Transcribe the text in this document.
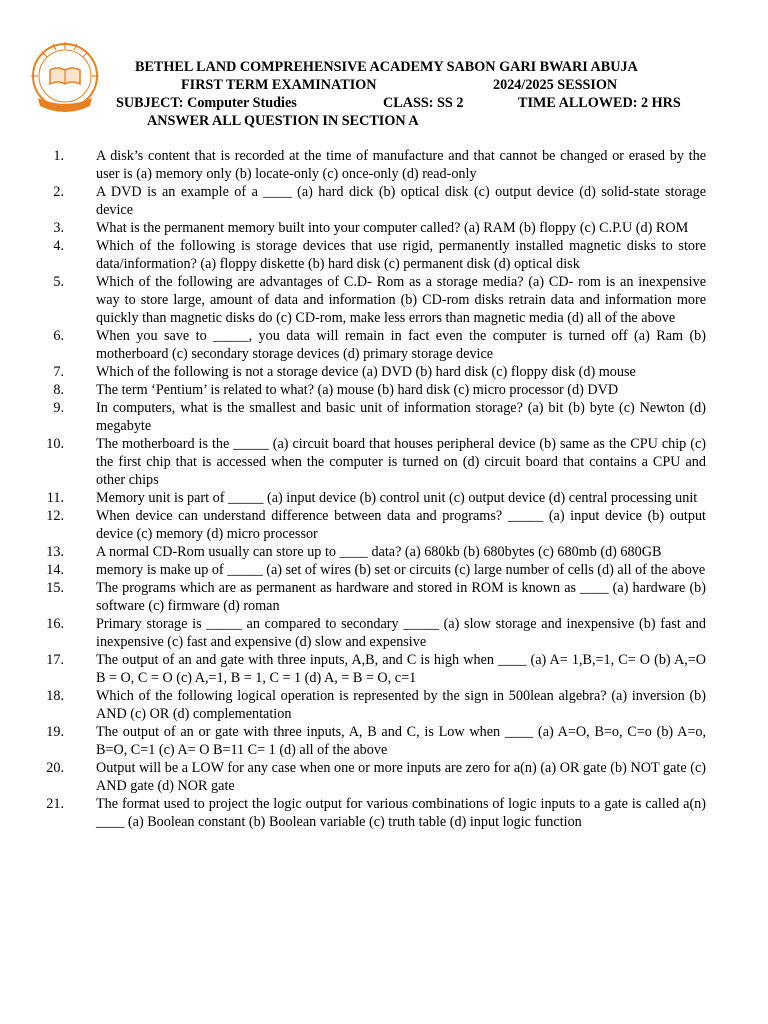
BETHEL LAND COMPREHENSIVE ACADEMY SABON GARI BWARI ABUJA
FIRST TERM EXAMINATION	2024/2025 SESSION
SUBJECT: Computer Studies	CLASS: SS 2	TIME ALLOWED: 2 HRS
ANSWER ALL QUESTION IN SECTION A
1. A disk’s content that is recorded at the time of manufacture and that cannot be changed or erased by the user is (a) memory only (b) locate-only (c) once-only (d) read-only
2. A DVD is an example of a ____ (a) hard dick (b) optical disk (c) output device (d) solid-state storage device
3. What is the permanent memory built into your computer called? (a) RAM (b) floppy (c) C.P.U (d) ROM
4. Which of the following is storage devices that use rigid, permanently installed magnetic disks to store data/information? (a) floppy diskette (b) hard disk (c) permanent disk (d) optical disk
5. Which of the following are advantages of C.D- Rom as a storage media? (a) CD- rom is an inexpensive way to store large, amount of data and information (b) CD-rom disks retrain data and information more quickly than magnetic disks do (c) CD-rom, make less errors than magnetic media (d) all of the above
6. When you save to _____, you data will remain in fact even the computer is turned off (a) Ram (b) motherboard (c) secondary storage devices (d) primary storage device
7. Which of the following is not a storage device (a) DVD (b) hard disk (c) floppy disk (d) mouse
8. The term ‘Pentium’ is related to what? (a) mouse (b) hard disk (c) micro processor (d) DVD
9. In computers, what is the smallest and basic unit of information storage? (a) bit (b) byte (c) Newton (d) megabyte
10. The motherboard is the _____ (a) circuit board that houses peripheral device (b) same as the CPU chip (c) the first chip that is accessed when the computer is turned on (d) circuit board that contains a CPU and other chips
11. Memory unit is part of _____ (a) input device (b) control unit (c) output device (d) central processing unit
12. When device can understand difference between data and programs? _____ (a) input device (b) output device (c) memory (d) micro processor
13. A normal CD-Rom usually can store up to ____ data? (a) 680kb (b) 680bytes (c) 680mb (d) 680GB
14. memory is make up of _____ (a) set of wires (b) set or circuits (c) large number of cells (d) all of the above
15. The programs which are as permanent as hardware and stored in ROM is known as ____ (a) hardware (b) software (c) firmware (d) roman
16. Primary storage is _____ an compared to secondary _____ (a) slow storage and inexpensive (b) fast and inexpensive (c) fast and expensive (d) slow and expensive
17. The output of an and gate with three inputs, A,B, and C is high when ____ (a) A= 1,B,=1, C= O (b) A,=O B = O, C = O (c) A,=1, B = 1, C = 1 (d) A, = B = O, c=1
18. Which of the following logical operation is represented by the sign in 500lean algebra? (a) inversion (b) AND (c) OR (d) complementation
19. The output of an or gate with three inputs, A, B and C, is Low when ____ (a) A=O, B=o, C=o (b) A=o, B=O, C=1 (c) A= O B=11 C= 1 (d) all of the above
20. Output will be a LOW for any case when one or more inputs are zero for a(n) (a) OR gate (b) NOT gate (c) AND gate (d) NOR gate
21. The format used to project the logic output for various combinations of logic inputs to a gate is called a(n) ____ (a) Boolean constant (b) Boolean variable (c) truth table (d) input logic function
